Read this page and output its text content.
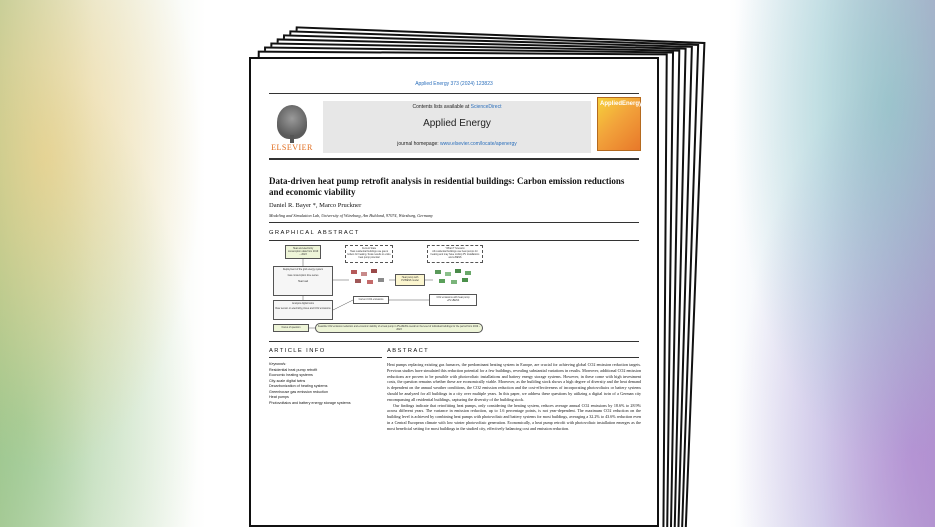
Applied Energy 373 (2024) 123823
ELSEVIER
Contents lists available at ScienceDirect
Applied Energy
journal homepage: www.elsevier.com/locate/apenergy
AppliedEnergy
Data-driven heat pump retrofit analysis in residential buildings: Carbon emission reductions and economic viability
Daniel R. Bayer *, Marco Pruckner
Modeling and Simulation Lab, University of Würzburg, Am Hubland, 97074, Würzburg, Germany
GRAPHICAL ABSTRACT
Heat and electricity consumption data from 2019 – 2023
Deployment of the grid energy system
Gas consumption time series
Heat load
Analysis digital twins
Raw sensor on electricity prices and CO2 emissions
Current State
Heat residential buildings use gas & boilers for heating. Scale results to entire heat pump potential
"What if" Scenario
All residential buildings use heat pumps for heating and may have rooftop PV installations and a BESS
Heat pump with PV/BESS model
Current CO2 emissions
CO2 emissions with heat pump +PV+BESS
Focus of question	Feasible CO2 emission reduction and economic viability of a heat pump in PV+BESS overall on the level of individual buildings for the period from 2019 – 2023
ARTICLE INFO	ABSTRACT
Keywords:
Residential heat pump retrofit
Economic heating systems
City-scale digital twins
Decarbonization of heating systems
Greenhouse gas emission reduction
Heat pumps
Photovoltaics and battery energy storage systems

Heat pumps replacing existing gas furnaces, the predominant heating system in Europe, are crucial for achieving global CO2 emission reduction targets. Previous studies have simulated this reduction potential for a few buildings, revealing substantial variations in results. Moreover, additional CO2 emission reductions are proven to be possible with photovoltaic installations and battery energy storage systems. However, in these come with high investment costs, the question remains whether these are economically viable. Moreover, as the building stock shows a high degree of diversity and the heat demand is dependent on the annual weather conditions, the CO2 emission reduction and the cost-effectiveness of incorporating photovoltaics or battery systems should be analyzed for all buildings in a city over multiple years. In this paper, we address these questions by utilizing a digital twin of a German city encompassing all residential buildings, capturing the diversity of the building stock.

Our findings indicate that retrofitting heat pumps, only considering the heating system, reduces average annual CO2 emissions by 18.6% to 28.9% across different years. The variance in emission reduction, up to 1.6 percentage points, is not year-dependent. The maximum CO2 reduction on the building level is achieved by combining heat pumps with photovoltaic and battery systems for most buildings, averaging a 32.2% to 43.6% reduction even in a Central European climate with low winter photovoltaic generation. Economically, a heat pump retrofit with photovoltaic installation emerges as the most beneficial setting for most buildings in the studied city, effectively balancing cost and emission reduction.
